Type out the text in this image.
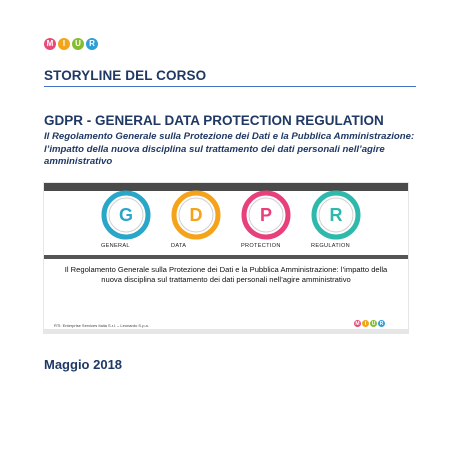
M	I	U	R
STORYLINE DEL CORSO
GDPR - GENERAL DATA PROTECTION REGULATION
Il Regolamento Generale sulla Protezione dei Dati e la Pubblica Amministrazione: l’impatto della nuova disciplina sul trattamento dei dati personali nell’agire amministrativo
G
GENERAL
D
DATA
P
PROTECTION
R
REGULATION
Il Regolamento Generale sulla Protezione dei Dati e la Pubblica Amministrazione: l’impatto della nuova disciplina sul trattamento dei dati personali nell’agire amministrativo
RTI: Enterprise Services Italia S.r.l. – Leonardo S.p.a.	M	I	U R
Maggio 2018
